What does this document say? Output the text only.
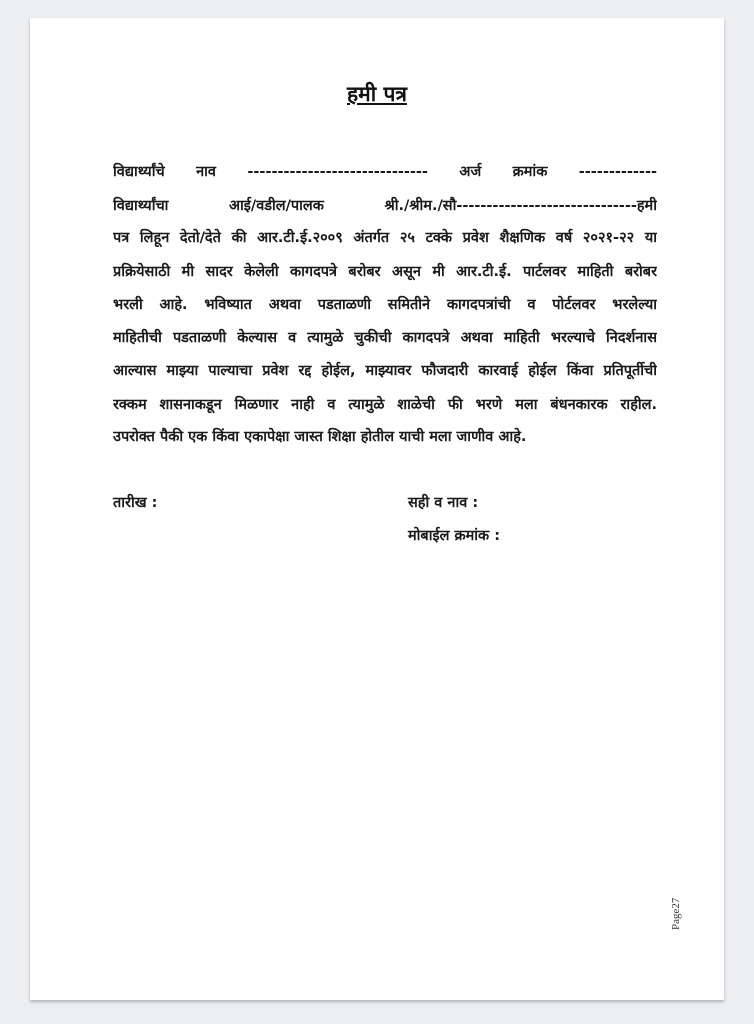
हमी पत्र
विद्यार्थ्यांचे नाव ------------------------------ अर्ज क्रमांक -------------
विद्यार्थ्यांचा आई/वडील/पालक श्री./श्रीम./सौ------------------------------हमी
पत्र लिहून देतो/देते की आर.टी.ई.२००९ अंतर्गत २५ टक्के प्रवेश शैक्षणिक वर्ष २०२१-२२ या
प्रक्रियेसाठी मी सादर केलेली कागदपत्रे बरोबर असून मी आर.टी.ई. पार्टलवर माहिती बरोबर
भरली आहे. भविष्यात अथवा पडताळणी समितीने कागदपत्रांची व पोर्टलवर भरलेल्या
माहितीची पडताळणी केल्यास व त्यामुळे चुकीची कागदपत्रे अथवा माहिती भरल्याचे निदर्शनास
आल्यास माझ्या पाल्याचा प्रवेश रद्द होईल, माझ्यावर फौजदारी कारवाई होईल किंवा प्रतिपूर्तीची
रक्कम शासनाकडून मिळणार नाही व त्यामुळे शाळेची फी भरणे मला बंधनकारक राहील.
उपरोक्त पैकी एक किंवा एकापेक्षा जास्त शिक्षा होतील याची मला जाणीव आहे.
तारीख :	सही व नाव :
मोबाईल क्रमांक :
Page27
